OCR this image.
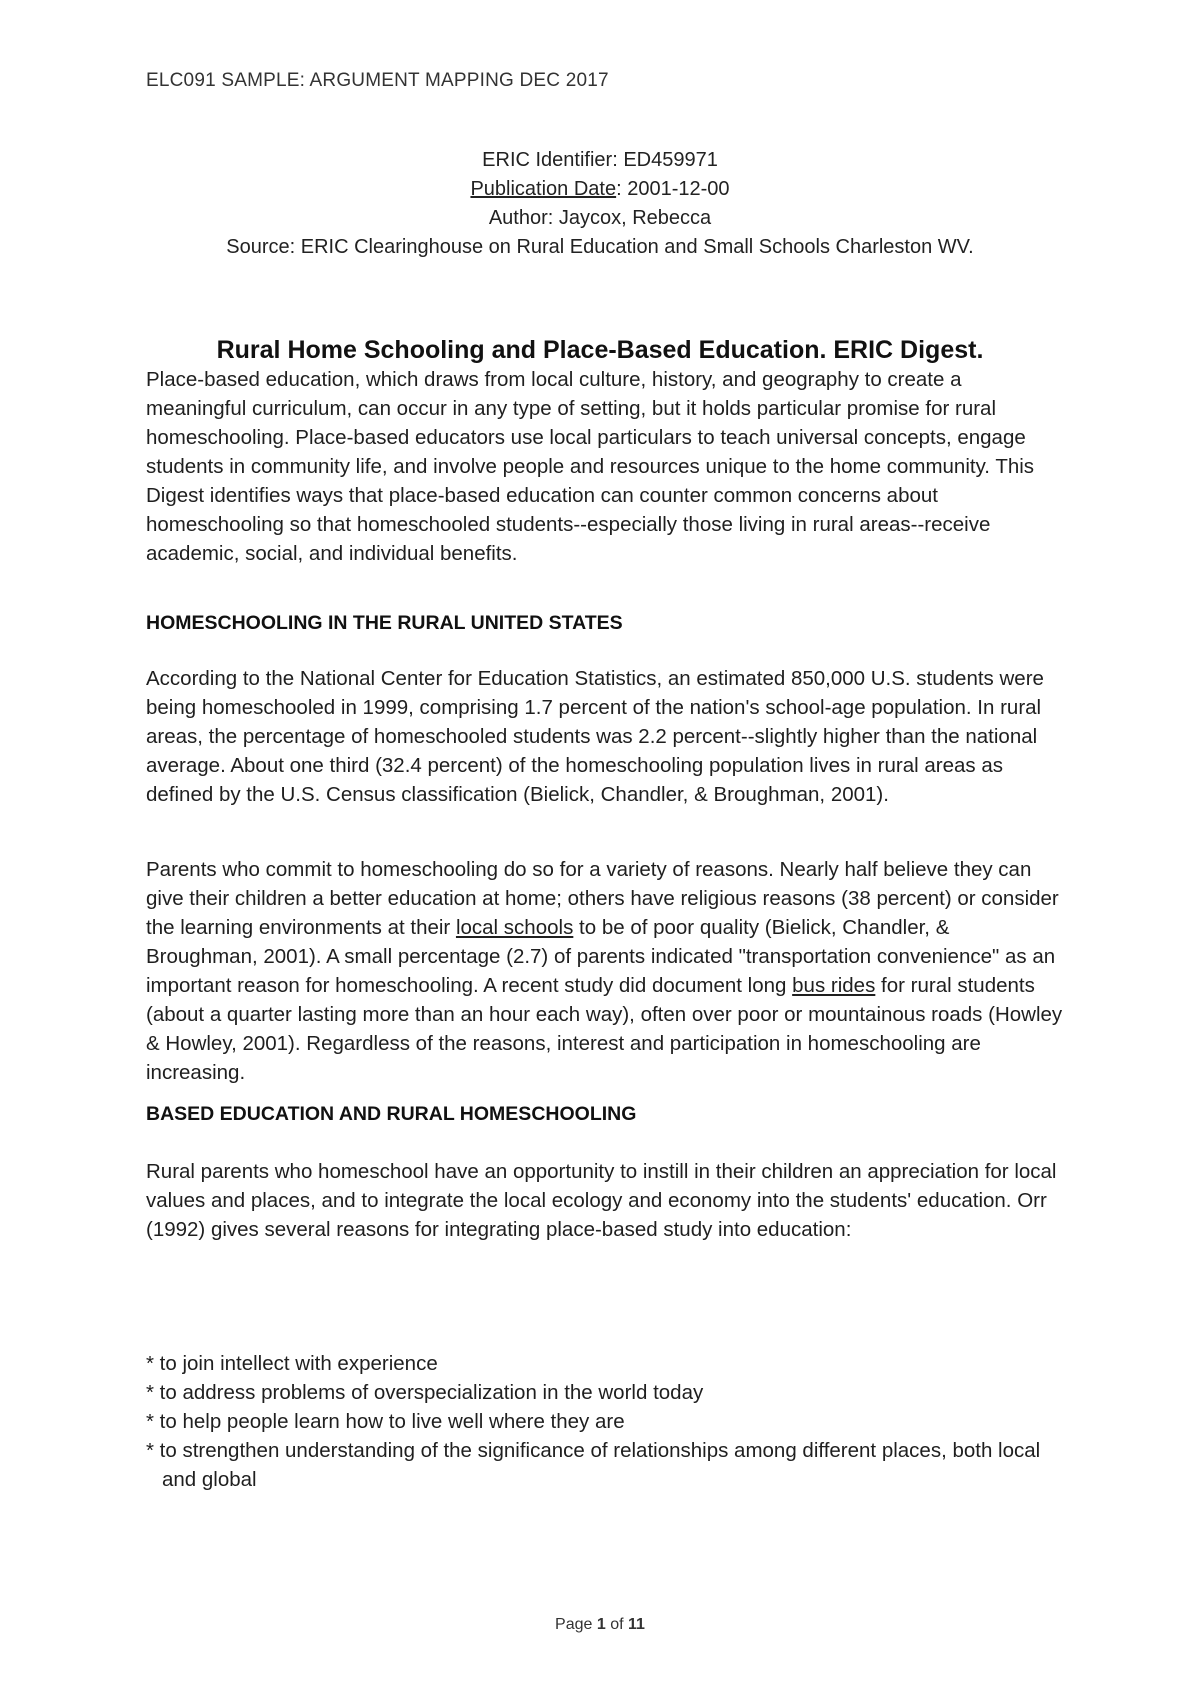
ELC091 SAMPLE: ARGUMENT MAPPING DEC 2017
ERIC Identifier: ED459971
Publication Date: 2001-12-00
Author: Jaycox, Rebecca
Source: ERIC Clearinghouse on Rural Education and Small Schools Charleston WV.
Rural Home Schooling and Place-Based Education. ERIC Digest.

Place-based education, which draws from local culture, history, and geography to create a meaningful curriculum, can occur in any type of setting, but it holds particular promise for rural homeschooling. Place-based educators use local particulars to teach universal concepts, engage students in community life, and involve people and resources unique to the home community. This Digest identifies ways that place-based education can counter common concerns about homeschooling so that homeschooled students--especially those living in rural areas--receive academic, social, and individual benefits.

HOMESCHOOLING IN THE RURAL UNITED STATES

According to the National Center for Education Statistics, an estimated 850,000 U.S. students were being homeschooled in 1999, comprising 1.7 percent of the nation's school-age population. In rural areas, the percentage of homeschooled students was 2.2 percent--slightly higher than the national average. About one third (32.4 percent) of the homeschooling population lives in rural areas as defined by the U.S. Census classification (Bielick, Chandler, & Broughman, 2001).

Parents who commit to homeschooling do so for a variety of reasons. Nearly half believe they can give their children a better education at home; others have religious reasons (38 percent) or consider the learning environments at their local schools to be of poor quality (Bielick, Chandler, & Broughman, 2001). A small percentage (2.7) of parents indicated "transportation convenience" as an important reason for homeschooling. A recent study did document long bus rides for rural students (about a quarter lasting more than an hour each way), often over poor or mountainous roads (Howley & Howley, 2001). Regardless of the reasons, interest and participation in homeschooling are increasing.

BASED EDUCATION AND RURAL HOMESCHOOLING

Rural parents who homeschool have an opportunity to instill in their children an appreciation for local values and places, and to integrate the local ecology and economy into the students' education. Orr (1992) gives several reasons for integrating place-based study into education:

* to join intellect with experience
* to address problems of overspecialization in the world today
* to help people learn how to live well where they are
* to strengthen understanding of the significance of relationships among different places, both local and global
Page 1 of 11
